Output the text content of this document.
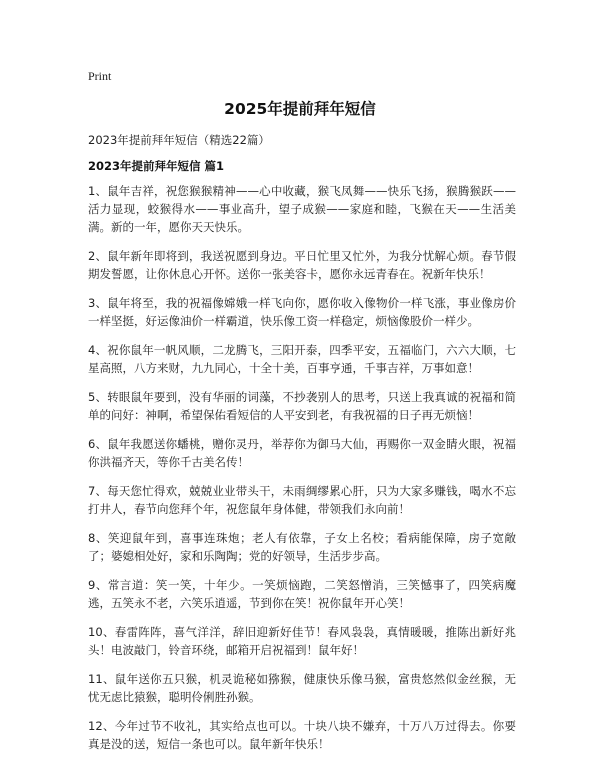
Print
2025年提前拜年短信
2023年提前拜年短信（精选22篇）
2023年提前拜年短信 篇1

1、鼠年吉祥，祝您猴猴精神——心中收藏，猴飞凤舞——快乐飞扬，猴腾猴跃——活力显现，蛟猴得水——事业高升，望子成猴——家庭和睦，飞猴在天——生活美满。新的一年，愿你天天快乐。

2、鼠年新年即将到，我送祝愿到身边。平日忙里又忙外，为我分忧解心烦。春节假期发誓愿，让你休息心开怀。送你一张美容卡，愿你永远青春在。祝新年快乐！

3、鼠年将至，我的祝福像嫦娥一样飞向你，愿你收入像物价一样飞涨，事业像房价一样坚挺，好运像油价一样霸道，快乐像工资一样稳定，烦恼像股价一样少。

4、祝你鼠年一帆风顺，二龙腾飞，三阳开泰，四季平安，五福临门，六六大顺，七星高照，八方来财，九九同心，十全十美，百事亨通，千事吉祥，万事如意！

5、转眼鼠年要到，没有华丽的词藻，不抄袭别人的思考，只送上我真诚的祝福和简单的问好：神啊，希望保佑看短信的人平安到老，有我祝福的日子再无烦恼！

6、鼠年我愿送你蟠桃，赠你灵丹，举荐你为御马大仙，再赐你一双金睛火眼，祝福你洪福齐天，等你千古美名传！

7、每天您忙得欢，兢兢业业带头干，未雨绸缪累心肝，只为大家多赚钱，喝水不忘打井人，春节向您拜个年，祝您鼠年身体健，带领我们永向前！

8、笑迎鼠年到，喜事连珠炮；老人有依靠，子女上名校；看病能保障，房子宽敞了；婆媳相处好，家和乐陶陶；党的好领导，生活步步高。

9、常言道：笑一笑，十年少。一笑烦恼跑，二笑怒憎消，三笑憾事了，四笑病魔逃，五笑永不老，六笑乐逍遥，节到你在笑！祝你鼠年开心笑！

10、春雷阵阵，喜气洋洋，辞旧迎新好佳节！春风袅袅，真情暖暖，推陈出新好兆头！电波敲门，铃音环绕，邮箱开启祝福到！鼠年好！

11、鼠年送你五只猴，机灵诡秘如猕猴，健康快乐像马猴，富贵悠然似金丝猴，无忧无虑比猿猴，聪明伶俐胜孙猴。

12、今年过节不收礼，其实给点也可以。十块八块不嫌弃，十万八万过得去。你要真是没的送，短信一条也可以。鼠年新年快乐！
